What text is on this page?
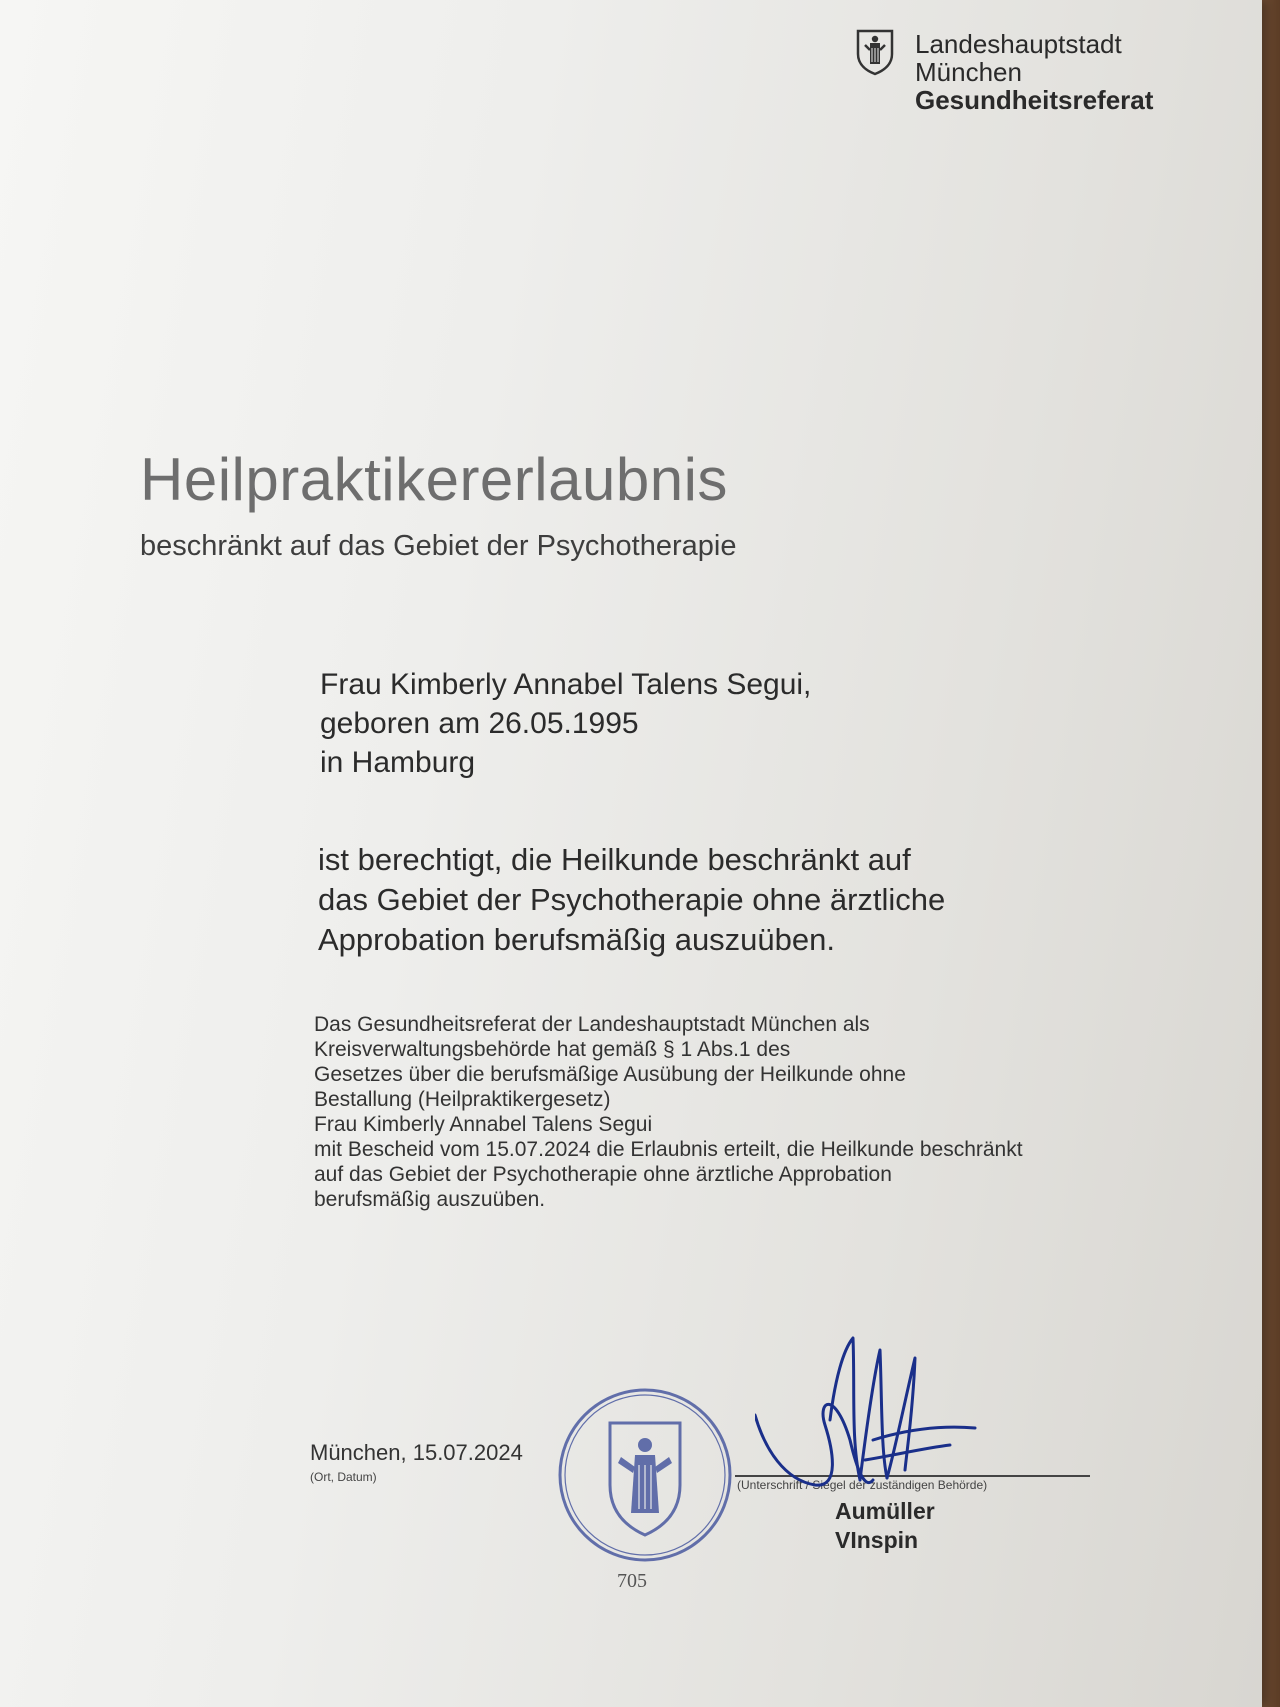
Landeshauptstadt
München
Gesundheitsreferat
Heilpraktikererlaubnis
beschränkt auf das Gebiet der Psychotherapie
Frau Kimberly Annabel Talens Segui,
geboren am 26.05.1995
in Hamburg
ist berechtigt, die Heilkunde beschränkt auf
das Gebiet der Psychotherapie ohne ärztliche
Approbation berufsmäßig auszuüben.
Das Gesundheitsreferat der Landeshauptstadt München als
Kreisverwaltungsbehörde hat gemäß § 1 Abs.1 des
Gesetzes über die berufsmäßige Ausübung der Heilkunde ohne
Bestallung (Heilpraktikergesetz)
Frau Kimberly Annabel Talens Segui
mit Bescheid vom 15.07.2024 die Erlaubnis erteilt, die Heilkunde beschränkt
auf das Gebiet der Psychotherapie ohne ärztliche Approbation
berufsmäßig auszuüben.
München, 15.07.2024
(Ort, Datum)
705
(Unterschrift / Siegel der zuständigen Behörde)
Aumüller
VInspin
